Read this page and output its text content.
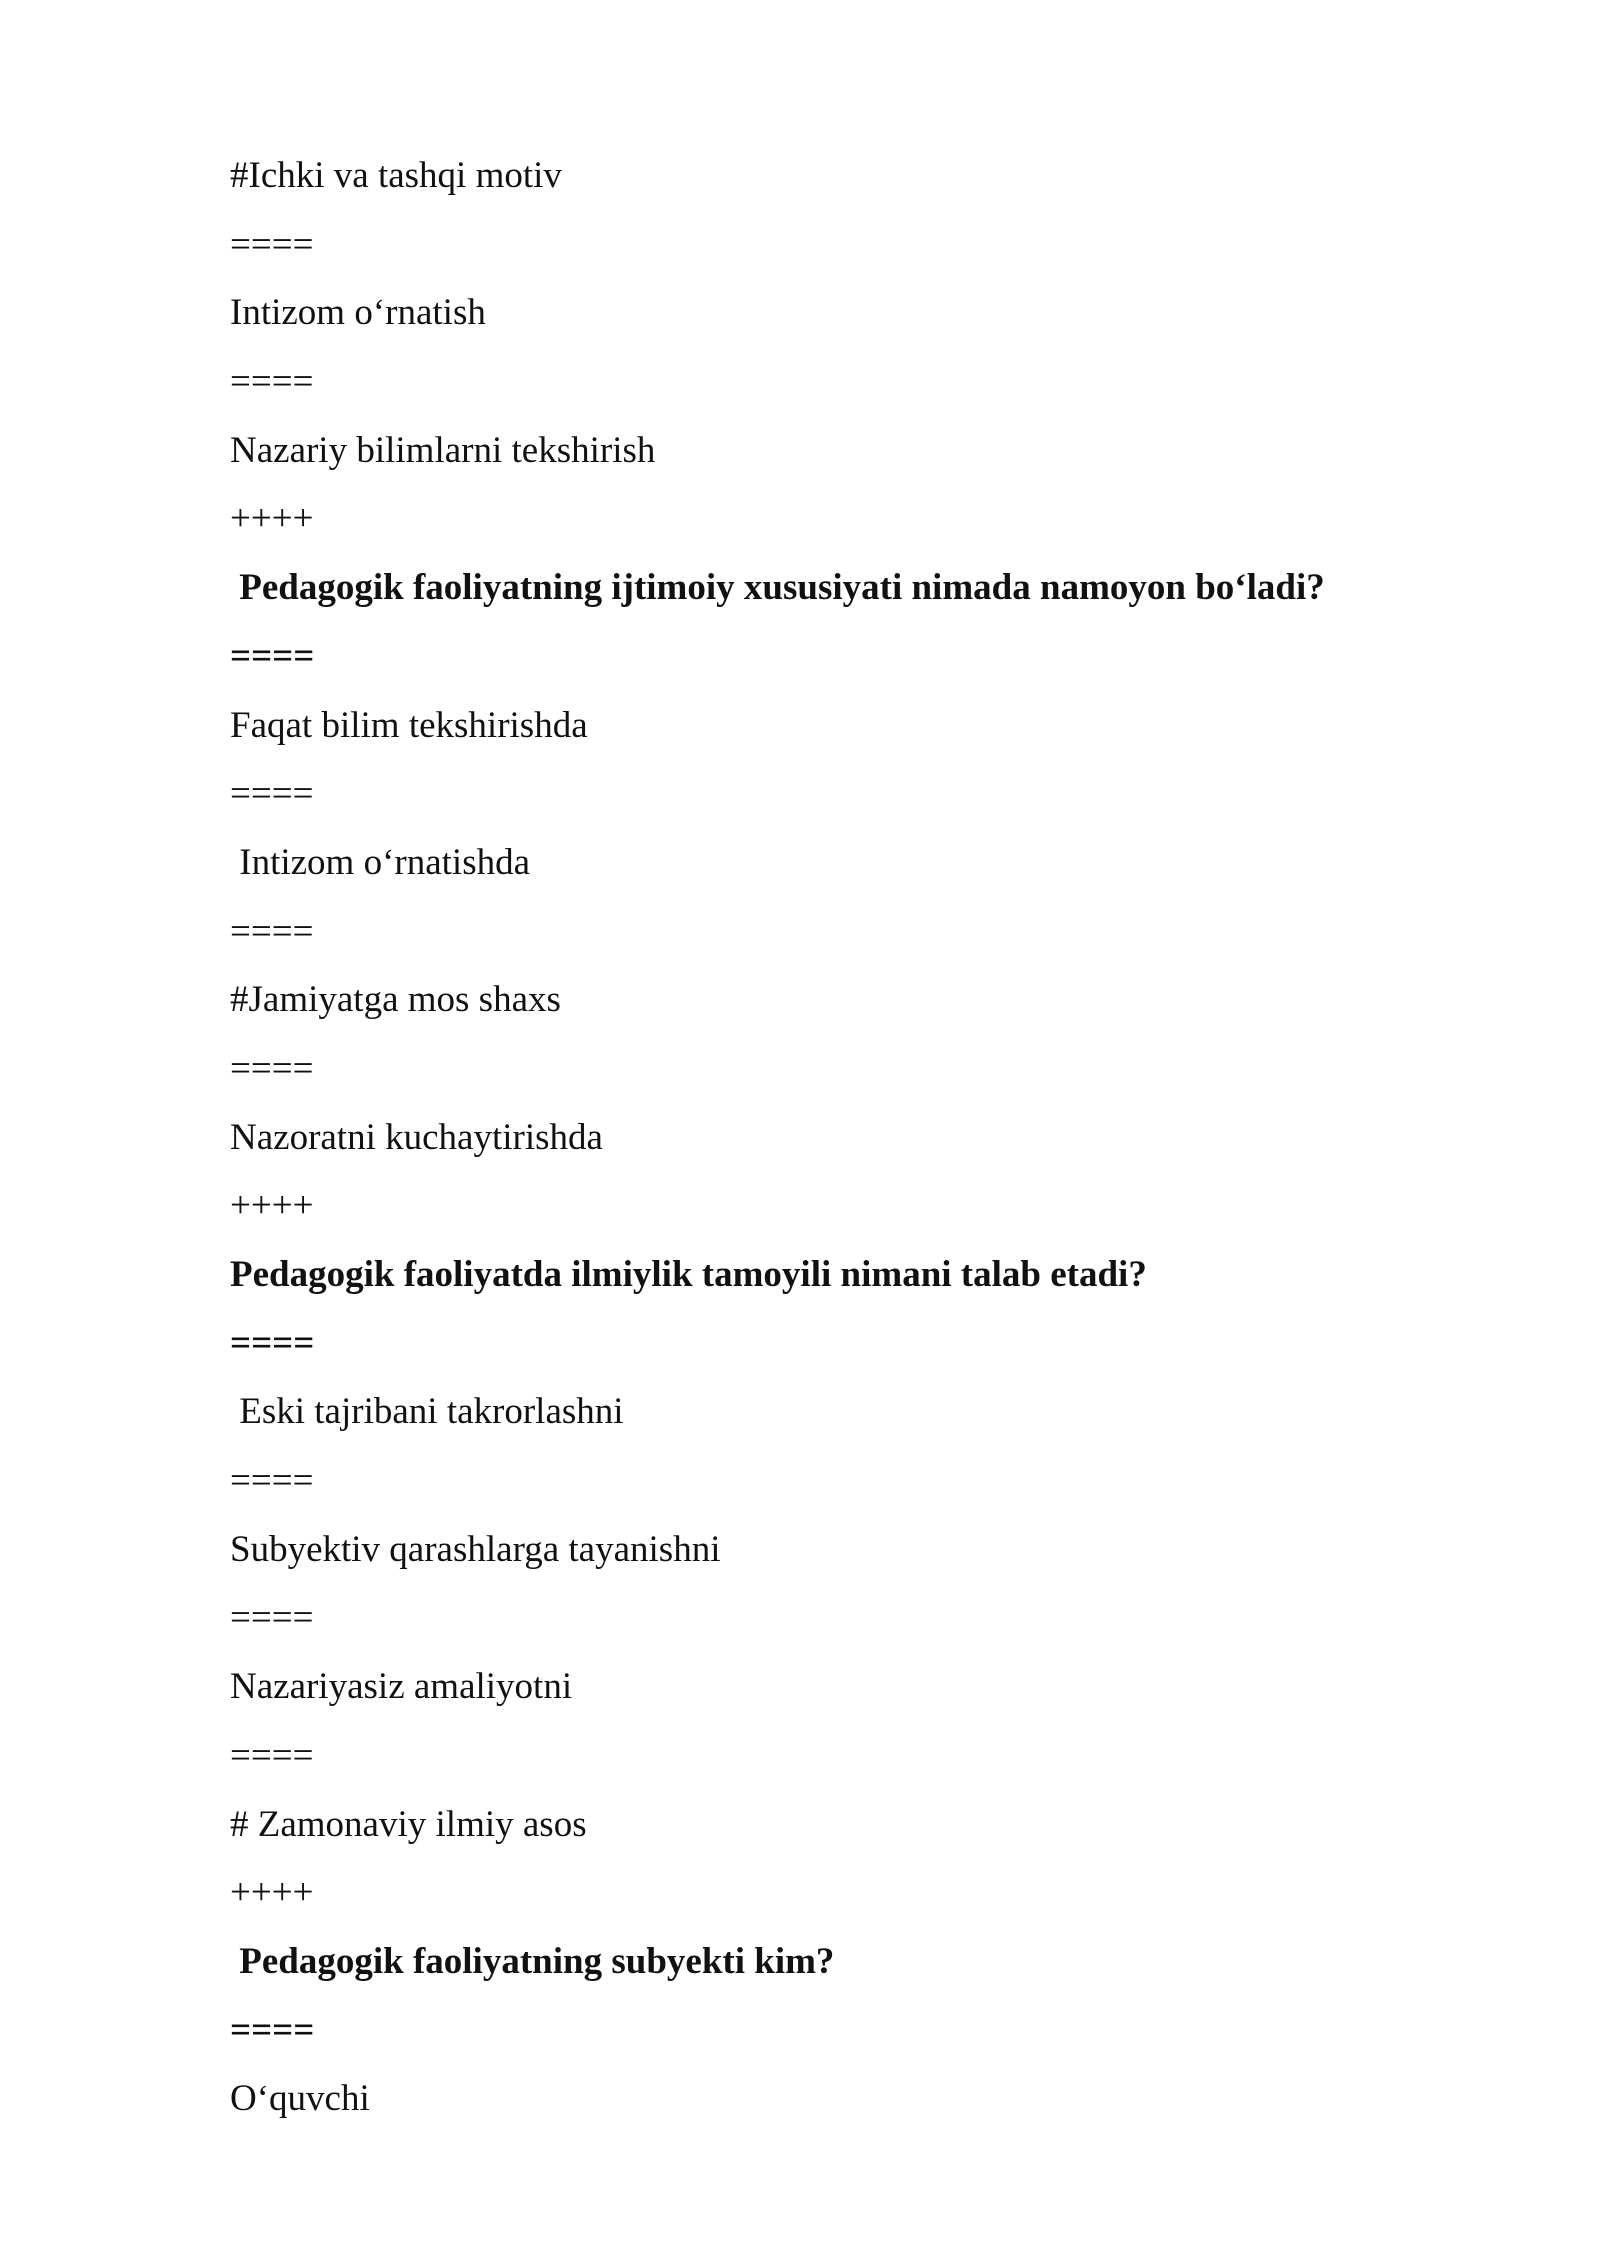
#Ichki va tashqi motiv
====
Intizom o‘rnatish
====
Nazariy bilimlarni tekshirish
++++
Pedagogik faoliyatning ijtimoiy xususiyati nimada namoyon bo‘ladi?
====
Faqat bilim tekshirishda
====
Intizom o‘rnatishda
====
#Jamiyatga mos shaxs
====
Nazoratni kuchaytirishda
++++
Pedagogik faoliyatda ilmiylik tamoyili nimani talab etadi?
====
Eski tajribani takrorlashni
====
Subyektiv qarashlarga tayanishni
====
Nazariyasiz amaliyotni
====
# Zamonaviy ilmiy asos
++++
Pedagogik faoliyatning subyekti kim?
====
O‘quvchi
